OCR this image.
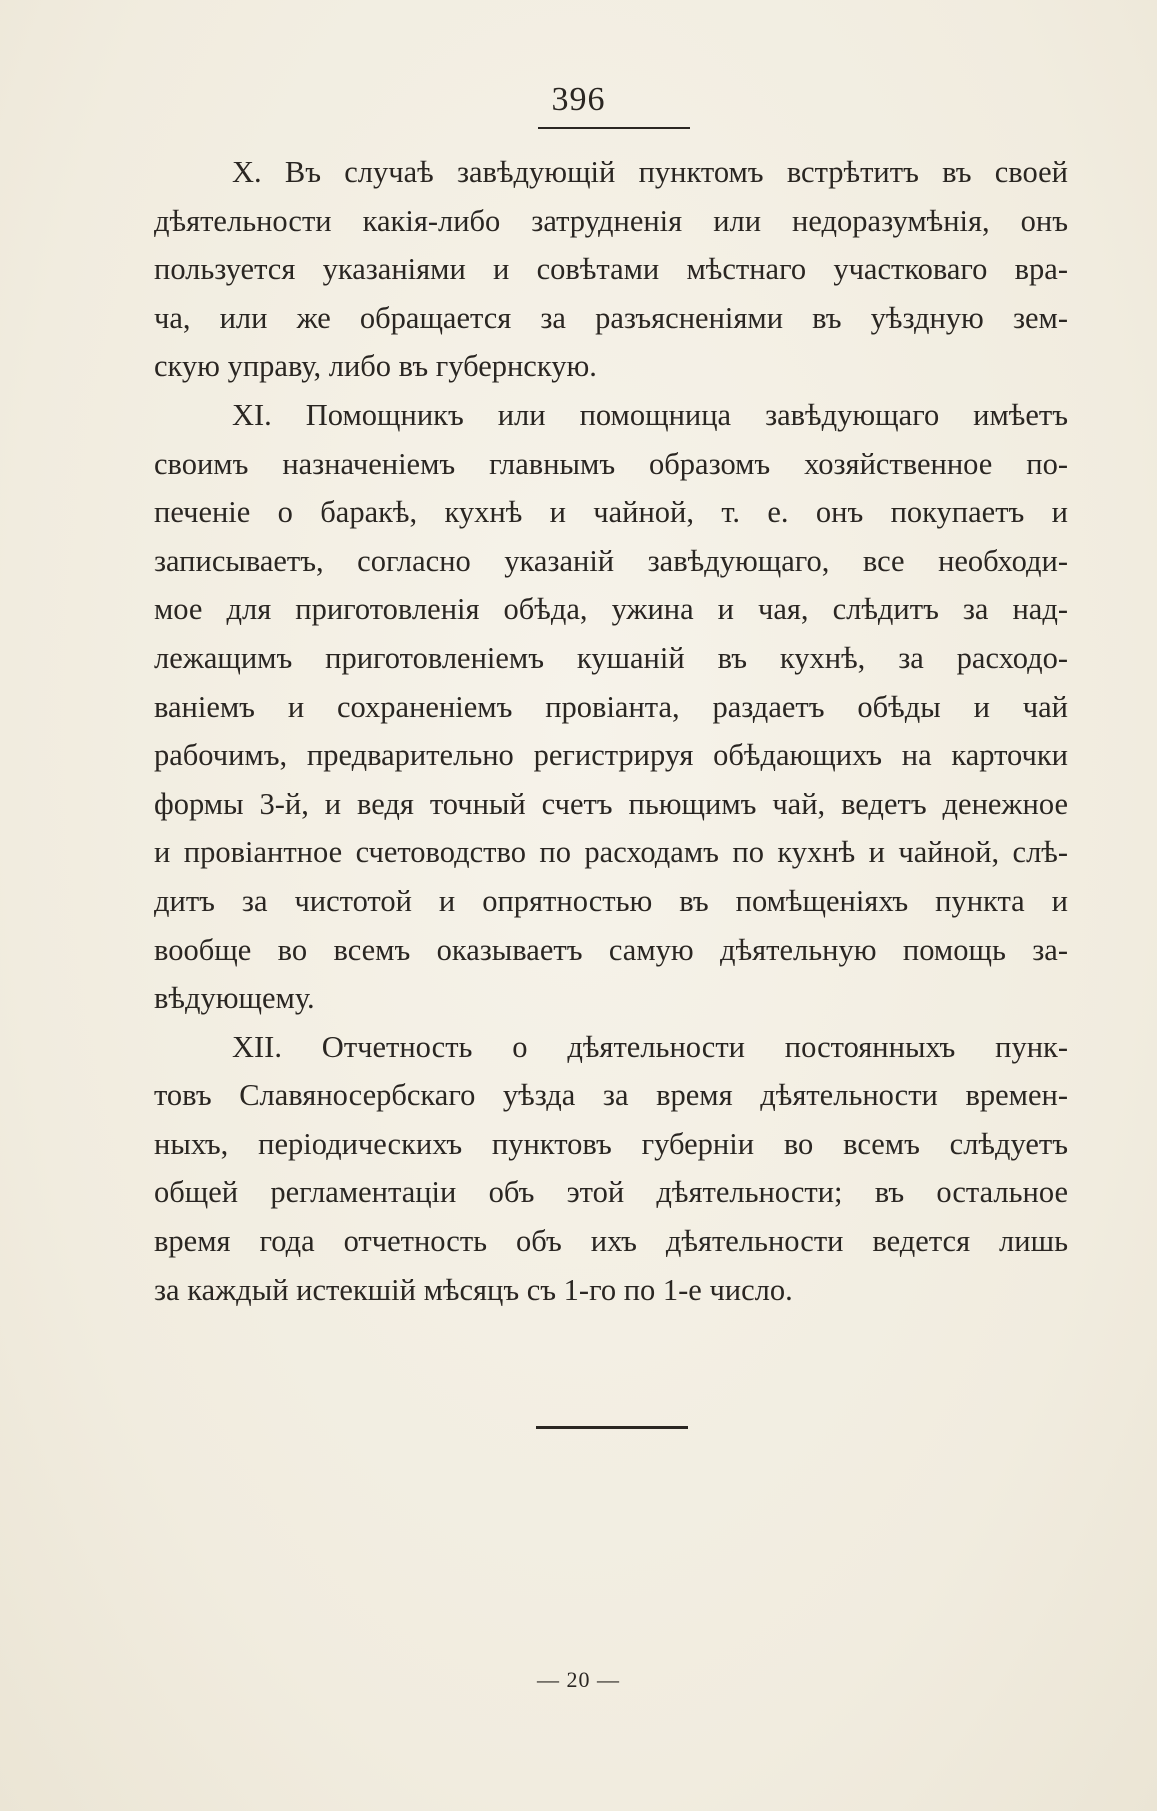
396

X. Въ случаѣ завѣдующій пунктомъ встрѣтитъ въ своей
дѣятельности какія-либо затрудненія или недоразумѣнія, онъ
пользуется указаніями и совѣтами мѣстнаго участковаго вра-
ча, или же обращается за разъясненіями въ уѣздную зем-
скую управу, либо въ губернскую.

XI. Помощникъ или помощница завѣдующаго имѣетъ
своимъ назначеніемъ главнымъ образомъ хозяйственное по-
печеніе о баракѣ, кухнѣ и чайной, т. е. онъ покупаетъ и
записываетъ, согласно указаній завѣдующаго, все необходи-
мое для приготовленія обѣда, ужина и чая, слѣдитъ за над-
лежащимъ приготовленіемъ кушаній въ кухнѣ, за расходо-
ваніемъ и сохраненіемъ провіанта, раздаетъ обѣды и чай
рабочимъ, предварительно регистрируя обѣдающихъ на карточки
формы 3-й, и ведя точный счетъ пьющимъ чай, ведетъ денежное
и провіантное счетоводство по расходамъ по кухнѣ и чайной, слѣ-
дитъ за чистотой и опрятностью въ помѣщеніяхъ пункта и
вообще во всемъ оказываетъ самую дѣятельную помощь за-
вѣдующему.

XII. Отчетность о дѣятельности постоянныхъ пунк-
товъ Славяносербскаго уѣзда за время дѣятельности времен-
ныхъ, періодическихъ пунктовъ губерніи во всемъ слѣдуетъ
общей регламентаціи объ этой дѣятельности; въ остальное
время года отчетность объ ихъ дѣятельности ведется лишь
за каждый истекшій мѣсяцъ съ 1-го по 1-е число.

— 20 —
